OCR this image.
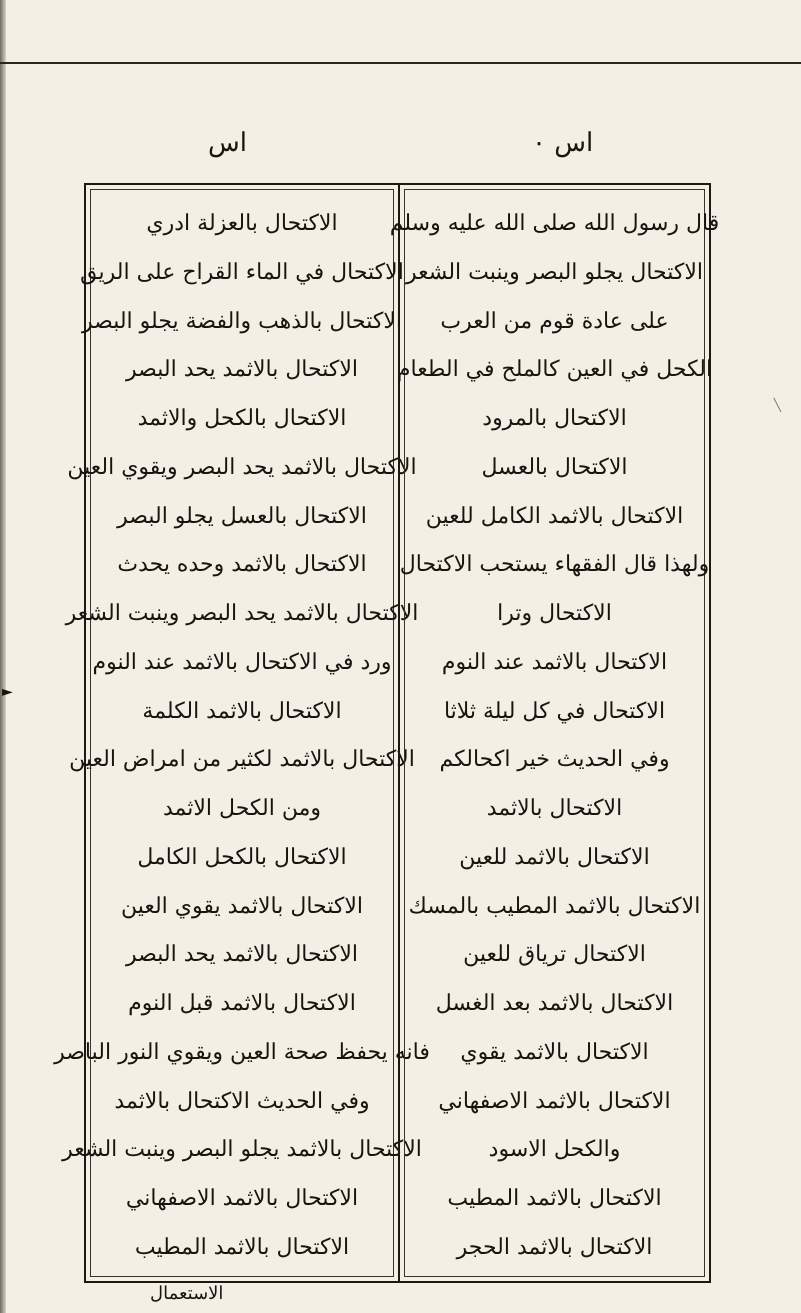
اس	اس ٠
►
╲
الاكتحال بالعزلة ادري
الاكتحال في الماء القراح على الريق
الاكتحال بالذهب والفضة يجلو البصر
الاكتحال بالاثمد يحد البصر
الاكتحال بالكحل والاثمد
الاكتحال بالاثمد يحد البصر ويقوي العين
الاكتحال بالعسل يجلو البصر
الاكتحال بالاثمد وحده يحدث
الاكتحال بالاثمد يحد البصر وينبت الشعر
ورد في الاكتحال بالاثمد عند النوم
الاكتحال بالاثمد الكلمة
الاكتحال بالاثمد لكثير من امراض العين
ومن الكحل الاثمد
الاكتحال بالكحل الكامل
الاكتحال بالاثمد يقوي العين
الاكتحال بالاثمد يحد البصر
الاكتحال بالاثمد قبل النوم
فانه يحفظ صحة العين ويقوي النور الباصر
وفي الحديث الاكتحال بالاثمد
الاكتحال بالاثمد يجلو البصر وينبت الشعر
الاكتحال بالاثمد الاصفهاني
الاكتحال بالاثمد المطيب
قال رسول الله صلى الله عليه وسلم
الاكتحال يجلو البصر وينبت الشعر
على عادة قوم من العرب
الكحل في العين كالملح في الطعام
الاكتحال بالمرود
الاكتحال بالعسل
الاكتحال بالاثمد الكامل للعين
ولهذا قال الفقهاء يستحب الاكتحال
الاكتحال وترا
الاكتحال بالاثمد عند النوم
الاكتحال في كل ليلة ثلاثا
وفي الحديث خير اكحالكم
الاكتحال بالاثمد
الاكتحال بالاثمد للعين
الاكتحال بالاثمد المطيب بالمسك
الاكتحال ترياق للعين
الاكتحال بالاثمد بعد الغسل
الاكتحال بالاثمد يقوي
الاكتحال بالاثمد الاصفهاني
والكحل الاسود
الاكتحال بالاثمد المطيب
الاكتحال بالاثمد الحجر
الاستعمال
